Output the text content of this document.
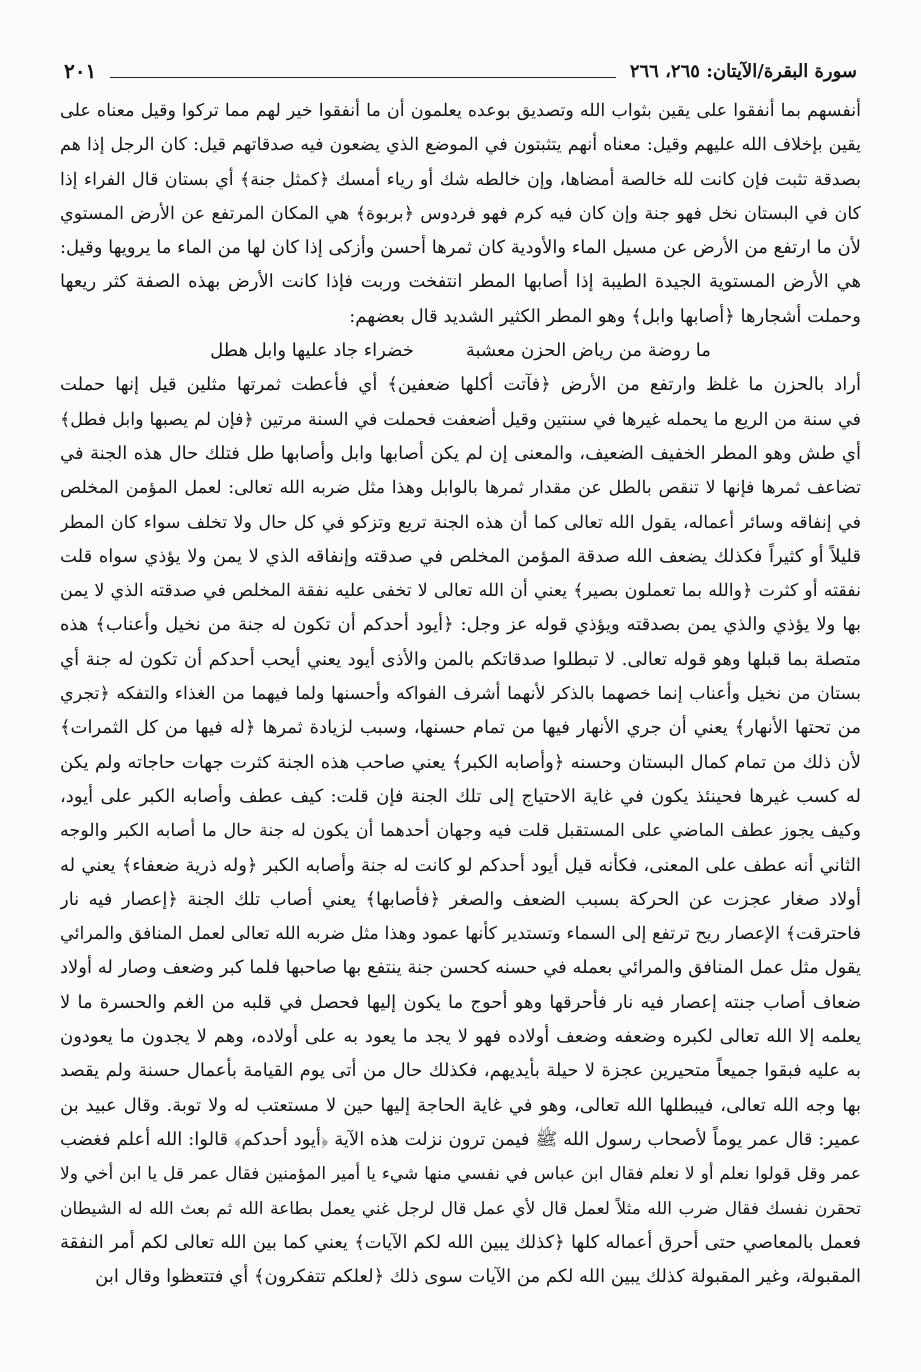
سورة البقرة/الآيتان: ٢٦٥، ٢٦٦
٢٠١
أنفسهم بما أنفقوا على يقين بثواب الله وتصديق بوعده يعلمون أن ما أنفقوا خير لهم مما تركوا وقيل معناه على
يقين بإخلاف الله عليهم وقيل: معناه أنهم يتثبتون في الموضع الذي يضعون فيه صدقاتهم قيل: كان الرجل إذا هم
بصدقة تثبت فإن كانت لله خالصة أمضاها، وإن خالطه شك أو رياء أمسك ﴿كمثل جنة﴾ أي بستان قال الفراء إذا
كان في البستان نخل فهو جنة وإن كان فيه كرم فهو فردوس ﴿بربوة﴾ هي المكان المرتفع عن الأرض المستوي
لأن ما ارتفع من الأرض عن مسيل الماء والأودية كان ثمرها أحسن وأزكى إذا كان لها من الماء ما يرويها وقيل:
هي الأرض المستوية الجيدة الطيبة إذا أصابها المطر انتفخت وربت فإذا كانت الأرض بهذه الصفة كثر ريعها
وحملت أشجارها ﴿أصابها وابل﴾ وهو المطر الكثير الشديد قال بعضهم:
ما روضة من رياض الحزن معشبة
خضراء جاد عليها وابل هطل
أراد بالحزن ما غلظ وارتفع من الأرض ﴿فآتت أكلها ضعفين﴾ أي فأعطت ثمرتها مثلين قيل إنها حملت
في سنة من الريع ما يحمله غيرها في سنتين وقيل أضعفت فحملت في السنة مرتين ﴿فإن لم يصبها وابل فطل﴾
أي طش وهو المطر الخفيف الضعيف، والمعنى إن لم يكن أصابها وابل وأصابها طل فتلك حال هذه الجنة في
تضاعف ثمرها فإنها لا تنقص بالطل عن مقدار ثمرها بالوابل وهذا مثل ضربه الله تعالى: لعمل المؤمن المخلص
في إنفاقه وسائر أعماله، يقول الله تعالى كما أن هذه الجنة تريع وتزكو في كل حال ولا تخلف سواء كان المطر
قليلاً أو كثيراً فكذلك يضعف الله صدقة المؤمن المخلص في صدقته وإنفاقه الذي لا يمن ولا يؤذي سواه قلت
نفقته أو كثرت ﴿والله بما تعملون بصير﴾ يعني أن الله تعالى لا تخفى عليه نفقة المخلص في صدقته الذي لا يمن
بها ولا يؤذي والذي يمن بصدقته ويؤذي قوله عز وجل: ﴿أيود أحدكم أن تكون له جنة من نخيل وأعناب﴾ هذه
متصلة بما قبلها وهو قوله تعالى. لا تبطلوا صدقاتكم بالمن والأذى أيود يعني أيحب أحدكم أن تكون له جنة أي
بستان من نخيل وأعناب إنما خصهما بالذكر لأنهما أشرف الفواكه وأحسنها ولما فيهما من الغذاء والتفكه ﴿تجري
من تحتها الأنهار﴾ يعني أن جري الأنهار فيها من تمام حسنها، وسبب لزيادة ثمرها ﴿له فيها من كل الثمرات﴾
لأن ذلك من تمام كمال البستان وحسنه ﴿وأصابه الكبر﴾ يعني صاحب هذه الجنة كثرت جهات حاجاته ولم يكن
له كسب غيرها فحينئذ يكون في غاية الاحتياج إلى تلك الجنة فإن قلت: كيف عطف وأصابه الكبر على أيود،
وكيف يجوز عطف الماضي على المستقبل قلت فيه وجهان أحدهما أن يكون له جنة حال ما أصابه الكبر والوجه
الثاني أنه عطف على المعنى، فكأنه قيل أيود أحدكم لو كانت له جنة وأصابه الكبر ﴿وله ذرية ضعفاء﴾ يعني له
أولاد صغار عجزت عن الحركة بسبب الضعف والصغر ﴿فأصابها﴾ يعني أصاب تلك الجنة ﴿إعصار فيه نار
فاحترقت﴾ الإعصار ريح ترتفع إلى السماء وتستدير كأنها عمود وهذا مثل ضربه الله تعالى لعمل المنافق والمرائي
يقول مثل عمل المنافق والمرائي بعمله في حسنه كحسن جنة ينتفع بها صاحبها فلما كبر وضعف وصار له أولاد
ضعاف أصاب جنته إعصار فيه نار فأحرقها وهو أحوج ما يكون إليها فحصل في قلبه من الغم والحسرة ما لا
يعلمه إلا الله تعالى لكبره وضعفه وضعف أولاده فهو لا يجد ما يعود به على أولاده، وهم لا يجدون ما يعودون
به عليه فبقوا جميعاً متحيرين عجزة لا حيلة بأيديهم، فكذلك حال من أتى يوم القيامة بأعمال حسنة ولم يقصد
بها وجه الله تعالى، فيبطلها الله تعالى، وهو في غاية الحاجة إليها حين لا مستعتب له ولا توبة. وقال عبيد بن
عمير: قال عمر يوماً لأصحاب رسول الله ﷺ فيمن ترون نزلت هذه الآية ﴿أيود أحدكم﴾ قالوا: الله أعلم فغضب
عمر وقل قولوا نعلم أو لا نعلم فقال ابن عباس في نفسي منها شيء يا أمير المؤمنين فقال عمر قل يا ابن أخي ولا
تحقرن نفسك فقال ضرب الله مثلاً لعمل قال لأي عمل قال لرجل غني يعمل بطاعة الله ثم بعث الله له الشيطان
فعمل بالمعاصي حتى أحرق أعماله كلها ﴿كذلك يبين الله لكم الآيات﴾ يعني كما بين الله تعالى لكم أمر النفقة
المقبولة، وغير المقبولة كذلك يبين الله لكم من الآيات سوى ذلك ﴿لعلكم تتفكرون﴾ أي فتتعظوا وقال ابن
